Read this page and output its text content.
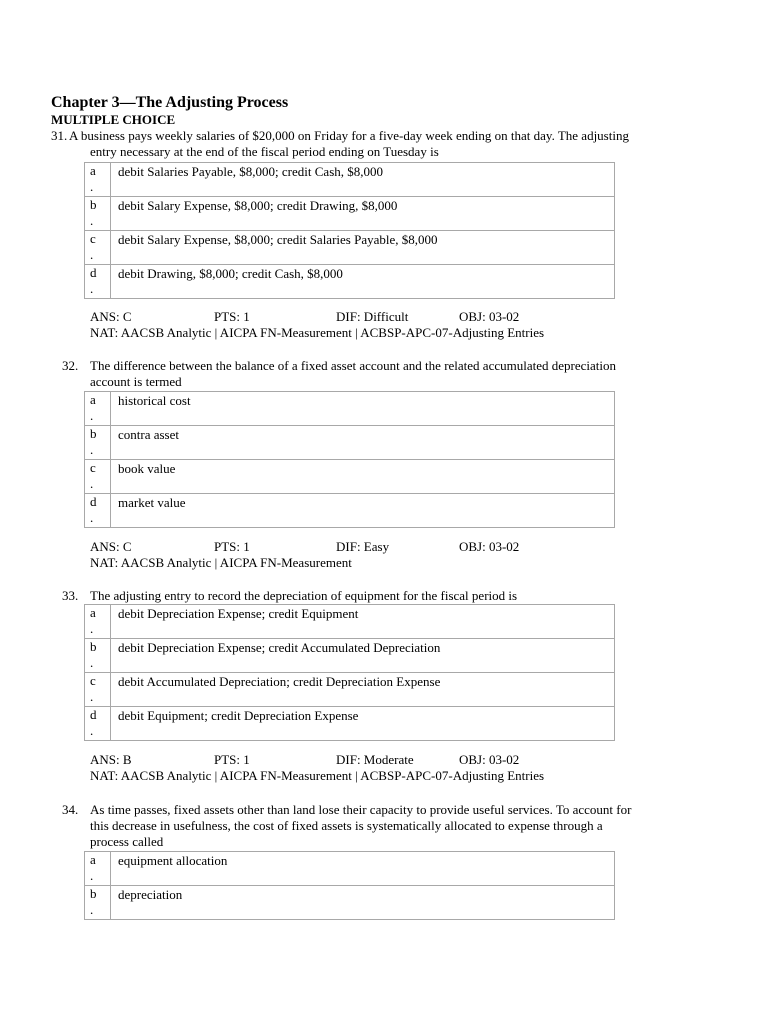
Chapter 3—The Adjusting Process
MULTIPLE CHOICE
31. A business pays weekly salaries of $20,000 on Friday for a five-day week ending on that day. The adjusting
entry necessary at the end of the fiscal period ending on Tuesday is
a
.	debit Salaries Payable, $8,000; credit Cash, $8,000

b
.	debit Salary Expense, $8,000; credit Drawing, $8,000

c
.	debit Salary Expense, $8,000; credit Salaries Payable, $8,000

d
.	debit Drawing, $8,000; credit Cash, $8,000
ANS: C	PTS: 1	DIF: Difficult	OBJ: 03-02
NAT: AACSB Analytic | AICPA FN-Measurement | ACBSP-APC-07-Adjusting Entries
32. The difference between the balance of a fixed asset account and the related accumulated depreciation
account is termed
a
.	historical cost

b
.	contra asset

c
.	book value

d
.	market value
ANS: C	PTS: 1	DIF: Easy	OBJ: 03-02
NAT: AACSB Analytic | AICPA FN-Measurement
33. The adjusting entry to record the depreciation of equipment for the fiscal period is
a
.	debit Depreciation Expense; credit Equipment

b
.	debit Depreciation Expense; credit Accumulated Depreciation

c
.	debit Accumulated Depreciation; credit Depreciation Expense

d
.	debit Equipment; credit Depreciation Expense
ANS: B	PTS: 1	DIF: Moderate	OBJ: 03-02
NAT: AACSB Analytic | AICPA FN-Measurement | ACBSP-APC-07-Adjusting Entries
34. As time passes, fixed assets other than land lose their capacity to provide useful services. To account for
this decrease in usefulness, the cost of fixed assets is systematically allocated to expense through a
process called
a
.	equipment allocation

b
.	depreciation
